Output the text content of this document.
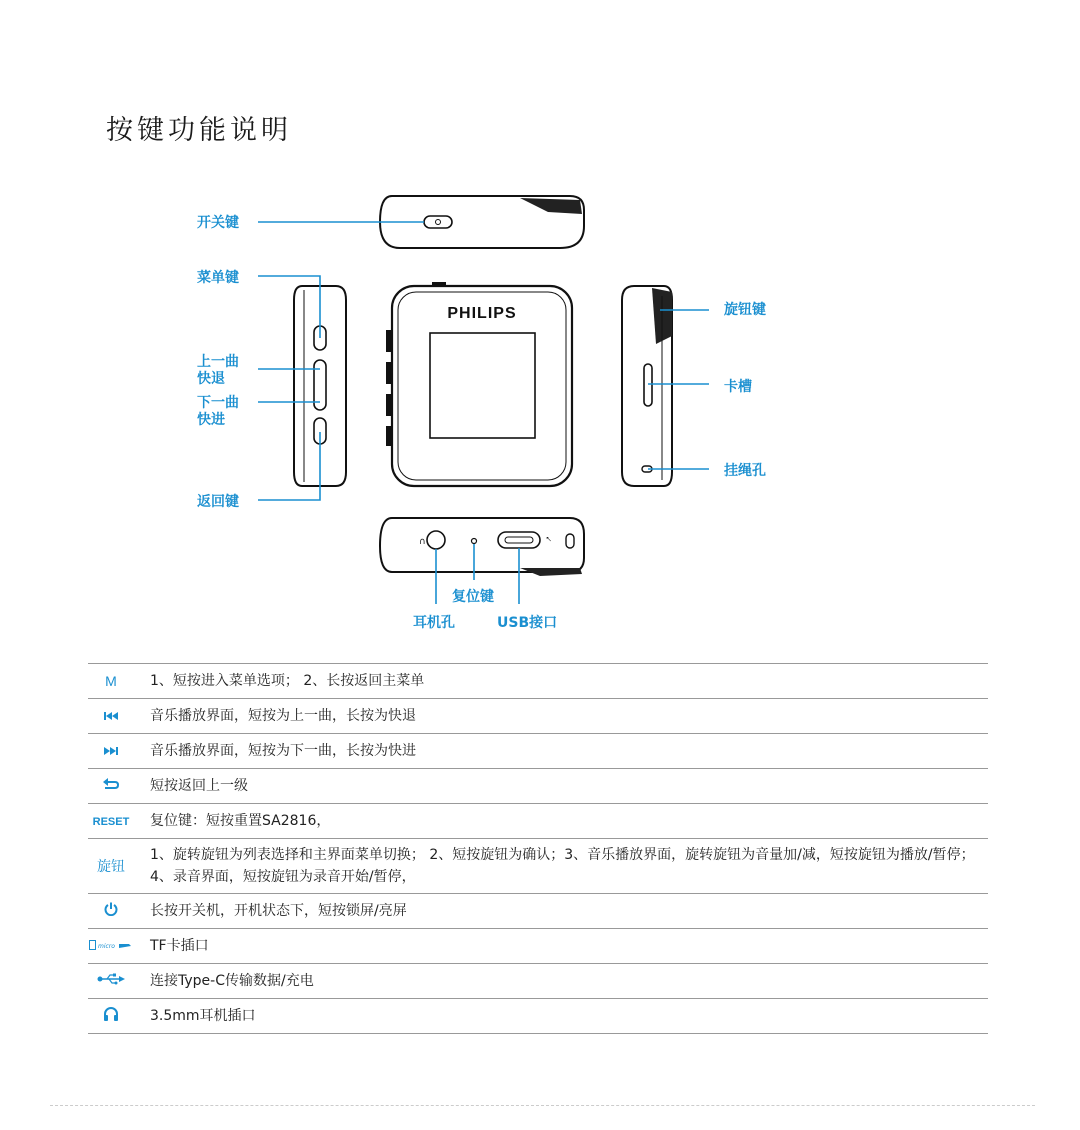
按键功能说明
PHILIPS
∩	⭦
开关键
菜单键
上一曲
快退
下一曲
快进
返回键
旋钮键
卡槽
挂绳孔
复位键
耳机孔	USB接口
M	1、短按进入菜单选项； 2、长按返回主菜单
	音乐播放界面，短按为上一曲，长按为快退
	音乐播放界面，短按为下一曲，长按为快进
	短按返回上一级
RESET	复位键：短按重置SA2816，
旋钮	1、旋转旋钮为列表选择和主界面菜单切换； 2、短按旋钮为确认；3、音乐播放界面，旋转旋钮为音量加/减，短按旋钮为播放/暂停；
4、录音界面，短按旋钮为录音开始/暂停，

	长按开关机，开机状态下，短按锁屏/亮屏

micro	TF卡插口
	连接Type-C传输数据/充电
	3.5mm耳机插口
